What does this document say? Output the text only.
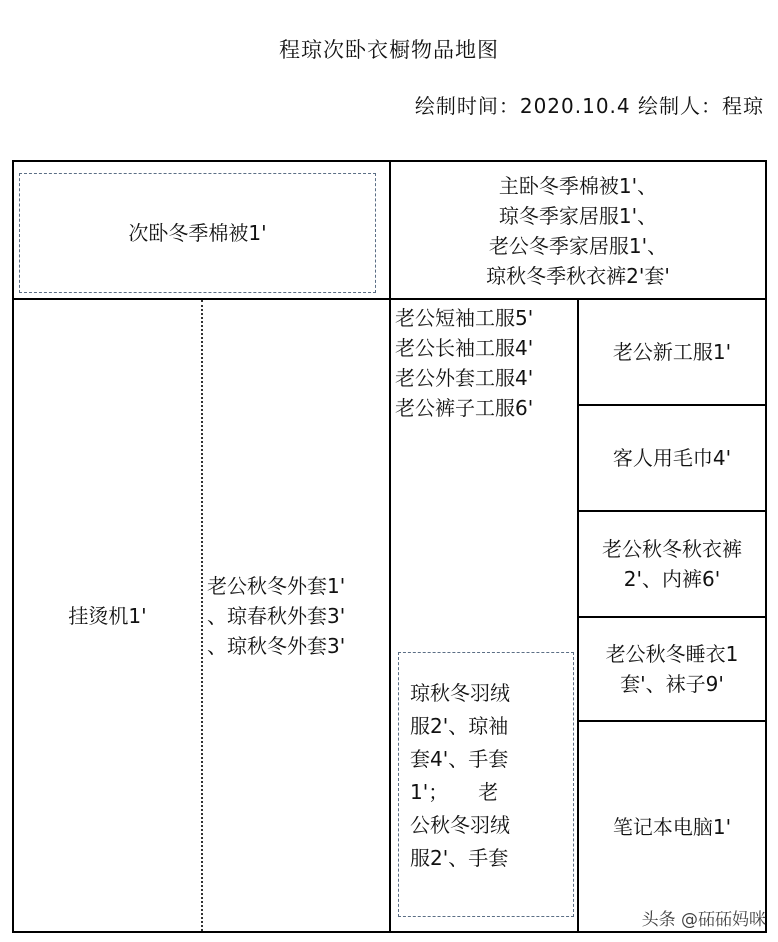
程琼次卧衣橱物品地图
绘制时间：2020.10.4 绘制人：程琼
次卧冬季棉被1'
主卧冬季棉被1'、
琼冬季家居服1'、
老公冬季家居服1'、
琼秋冬季秋衣裤2'套'
挂烫机1'
老公秋冬外套1'
、琼春秋外套3'
、琼秋冬外套3'
老公短袖工服5'
老公长袖工服4'
老公外套工服4'
老公裤子工服6'
琼秋冬羽绒
服2'、琼袖
套4'、手套
1'；　　老
公秋冬羽绒
服2'、手套
老公新工服1'
客人用毛巾4'
老公秋冬秋衣裤
2'、内裤6'
老公秋冬睡衣1
套'、袜子9'
笔记本电脑1'
头条 @砳砳妈咪
